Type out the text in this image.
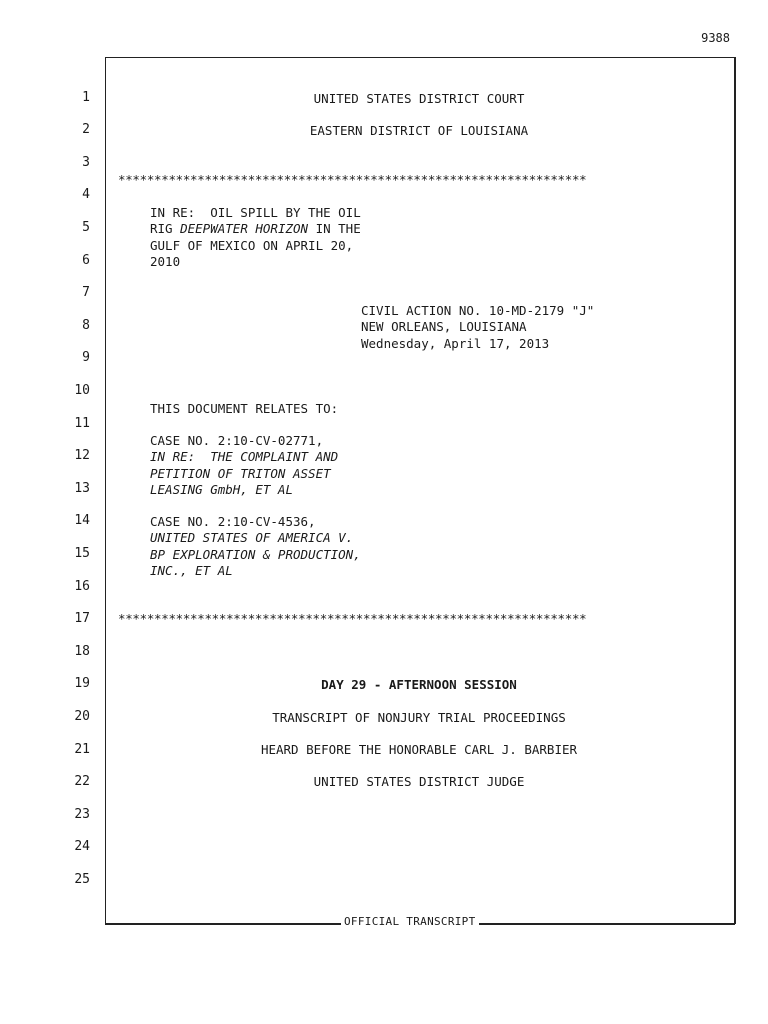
9388
OFFICIAL TRANSCRIPT
1
2
3
4
5
6
7
8
9
10
11
12
13
14
15
16
17
18
19
20
21
22
23
24
25
UNITED STATES DISTRICT COURT
EASTERN DISTRICT OF LOUISIANA
*****************************************************************
IN RE:  OIL SPILL BY THE OIL
RIG DEEPWATER HORIZON IN THE
GULF OF MEXICO ON APRIL 20,
2010
CIVIL ACTION NO. 10-MD-2179 "J"
NEW ORLEANS, LOUISIANA
Wednesday, April 17, 2013
THIS DOCUMENT RELATES TO:
CASE NO. 2:10-CV-02771,
IN RE:  THE COMPLAINT AND
PETITION OF TRITON ASSET
LEASING GmbH, ET AL
CASE NO. 2:10-CV-4536,
UNITED STATES OF AMERICA V.
BP EXPLORATION & PRODUCTION,
INC., ET AL
*****************************************************************
DAY 29 - AFTERNOON SESSION
TRANSCRIPT OF NONJURY TRIAL PROCEEDINGS
HEARD BEFORE THE HONORABLE CARL J. BARBIER
UNITED STATES DISTRICT JUDGE
